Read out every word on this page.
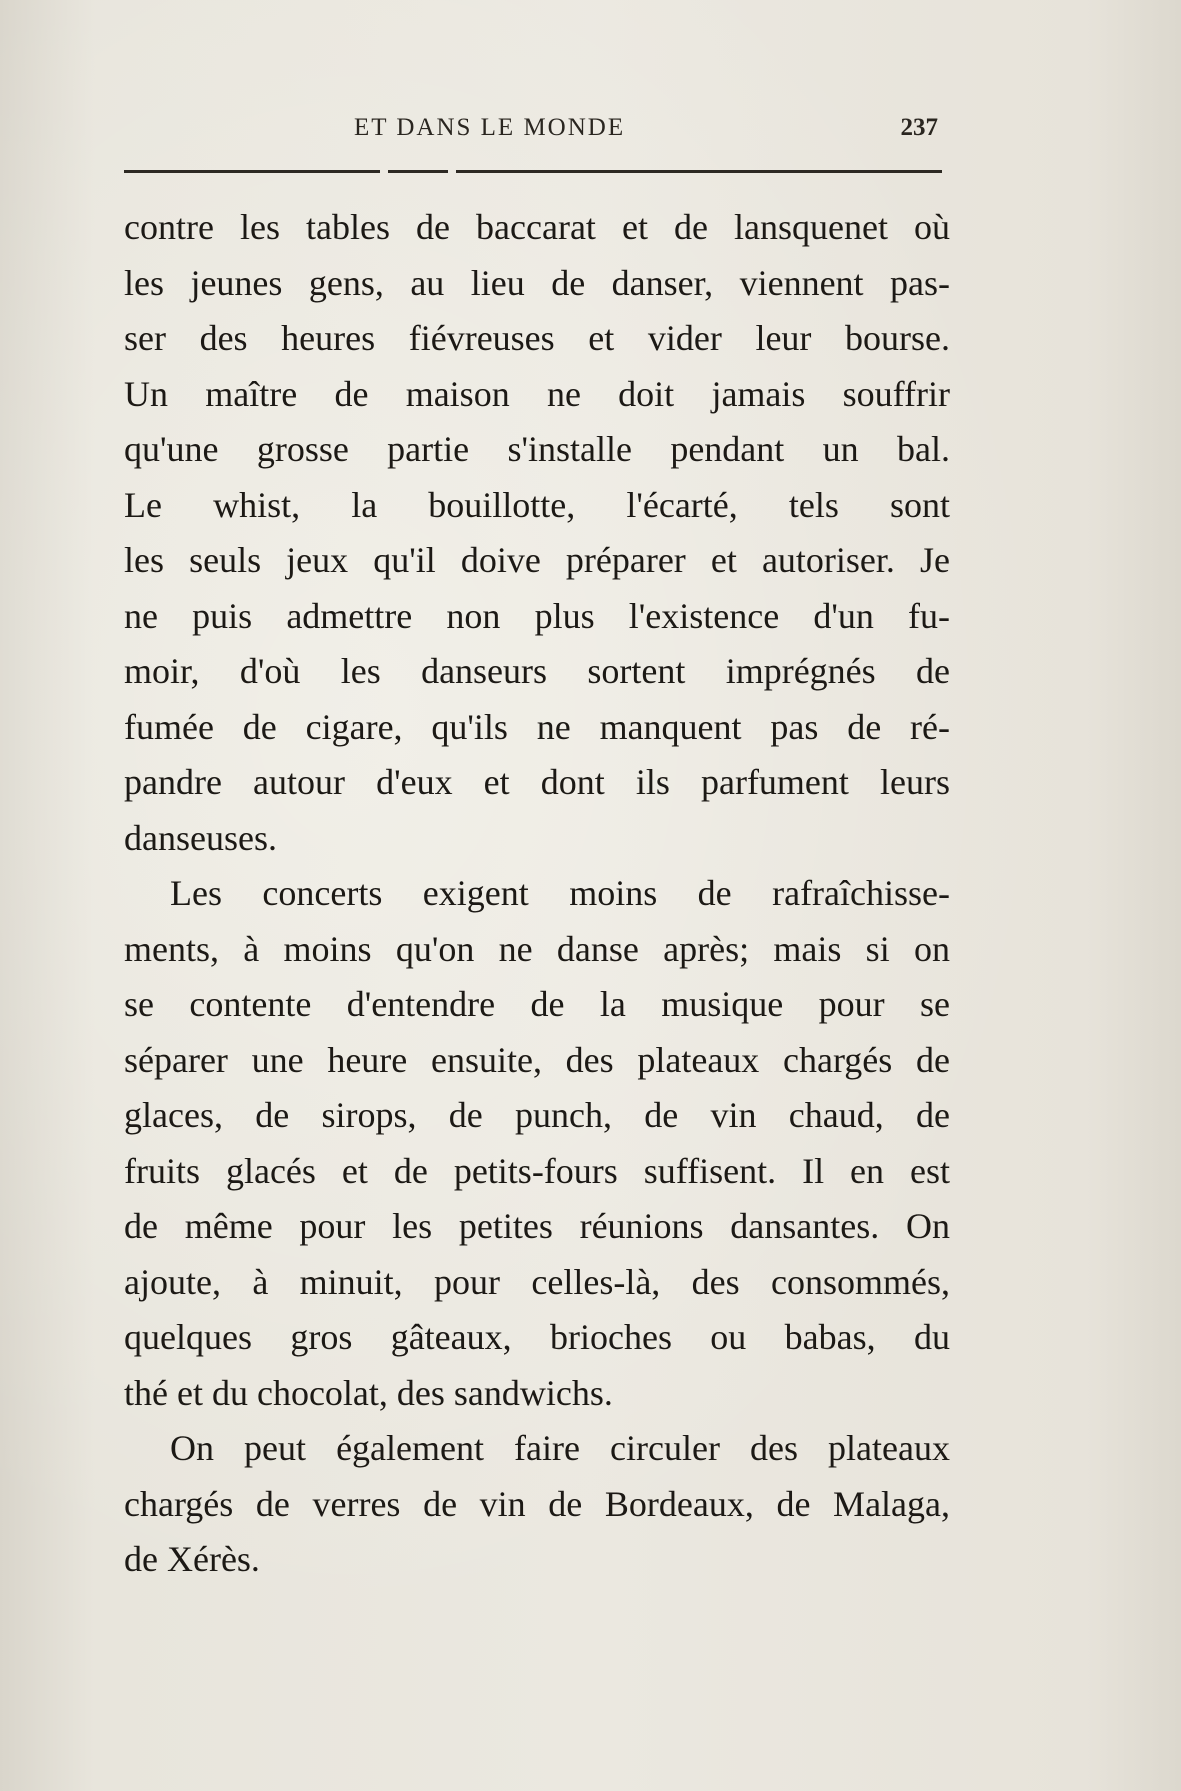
ET DANS LE MONDE	237
contre les tables de baccarat et de lansquenet où
les jeunes gens, au lieu de danser, viennent pas-
ser des heures fiévreuses et vider leur bourse.
Un maître de maison ne doit jamais souffrir
qu'une grosse partie s'installe pendant un bal.
Le whist, la bouillotte, l'écarté, tels sont
les seuls jeux qu'il doive préparer et autoriser. Je
ne puis admettre non plus l'existence d'un fu-
moir, d'où les danseurs sortent imprégnés de
fumée de cigare, qu'ils ne manquent pas de ré-
pandre autour d'eux et dont ils parfument leurs
danseuses.
Les concerts exigent moins de rafraîchisse-
ments, à moins qu'on ne danse après; mais si on
se contente d'entendre de la musique pour se
séparer une heure ensuite, des plateaux chargés de
glaces, de sirops, de punch, de vin chaud, de
fruits glacés et de petits-fours suffisent. Il en est
de même pour les petites réunions dansantes. On
ajoute, à minuit, pour celles-là, des consommés,
quelques gros gâteaux, brioches ou babas, du
thé et du chocolat, des sandwichs.
On peut également faire circuler des plateaux
chargés de verres de vin de Bordeaux, de Malaga,
de Xérès.
